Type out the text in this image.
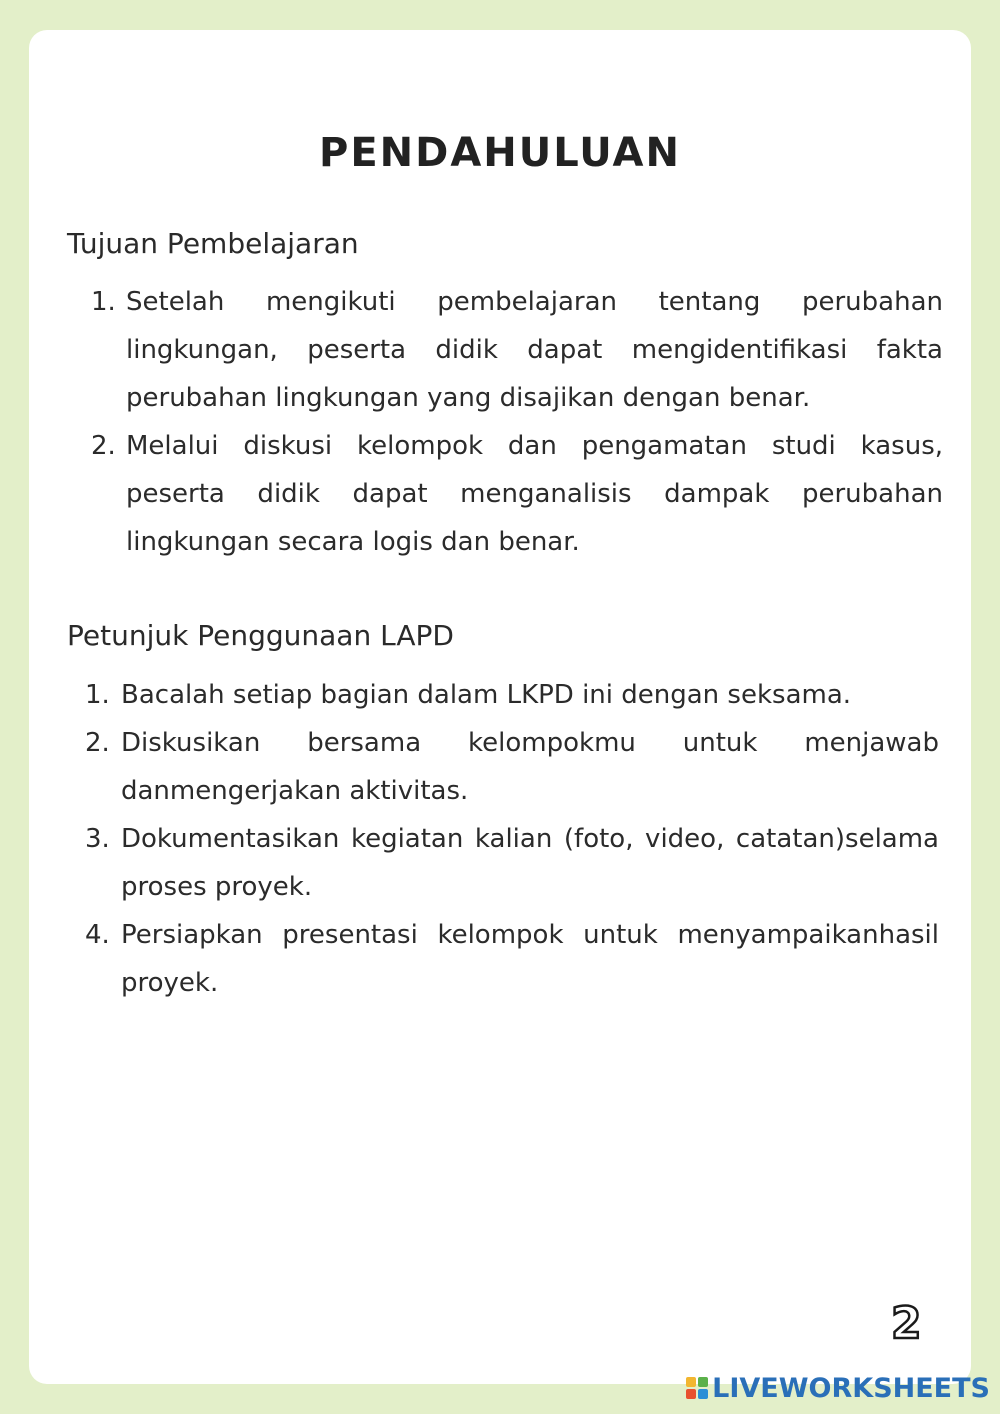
PENDAHULUAN
Tujuan Pembelajaran
1. Setelah mengikuti pembelajaran tentang perubahan lingkungan, peserta didik dapat mengidentifikasi fakta perubahan lingkungan yang disajikan dengan benar.
2. Melalui diskusi kelompok dan pengamatan studi kasus, peserta didik dapat menganalisis dampak perubahan lingkungan secara logis dan benar.
Petunjuk Penggunaan LAPD
1. Bacalah setiap bagian dalam LKPD ini dengan seksama.
2. Diskusikan bersama kelompokmu untuk menjawab danmengerjakan aktivitas.
3. Dokumentasikan kegiatan kalian (foto, video, catatan)selama proses proyek.
4. Persiapkan presentasi kelompok untuk menyampaikanhasil proyek.
2
LIVEWORKSHEETS
